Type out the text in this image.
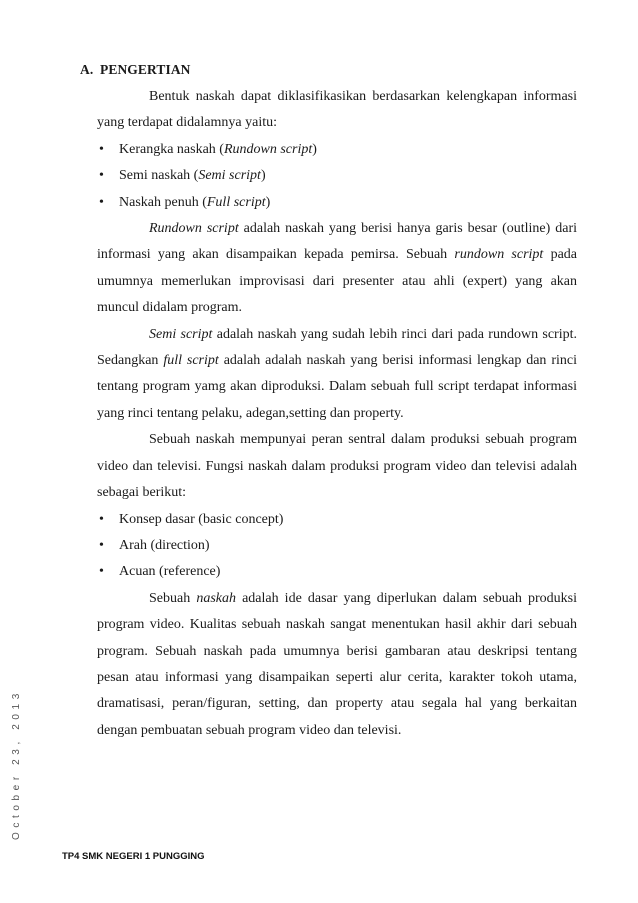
A. PENGERTIAN

Bentuk naskah dapat diklasifikasikan berdasarkan kelengkapan informasi yang terdapat didalamnya yaitu:

• Kerangka naskah (Rundown script)
• Semi naskah (Semi script)
• Naskah penuh (Full script)

Rundown script adalah naskah yang berisi hanya garis besar (outline) dari informasi yang akan disampaikan kepada pemirsa. Sebuah rundown script pada umumnya memerlukan improvisasi dari presenter atau ahli (expert) yang akan muncul didalam program.

Semi script adalah naskah yang sudah lebih rinci dari pada rundown script. Sedangkan full script adalah adalah naskah yang berisi informasi lengkap dan rinci tentang program yamg akan diproduksi. Dalam sebuah full script terdapat informasi yang rinci tentang pelaku, adegan,setting dan property.

Sebuah naskah mempunyai peran sentral dalam produksi sebuah program video dan televisi. Fungsi naskah dalam produksi program video dan televisi adalah sebagai berikut:

• Konsep dasar (basic concept)
• Arah (direction)
• Acuan (reference)

Sebuah naskah adalah ide dasar yang diperlukan dalam sebuah produksi program video. Kualitas sebuah naskah sangat menentukan hasil akhir dari sebuah program. Sebuah naskah pada umumnya berisi gambaran atau deskripsi tentang pesan atau informasi yang disampaikan seperti alur cerita, karakter tokoh utama, dramatisasi, peran/figuran, setting, dan property atau segala hal yang berkaitan dengan pembuatan sebuah program video dan televisi.

October 23, 2013
TP4 SMK NEGERI 1 PUNGGING
